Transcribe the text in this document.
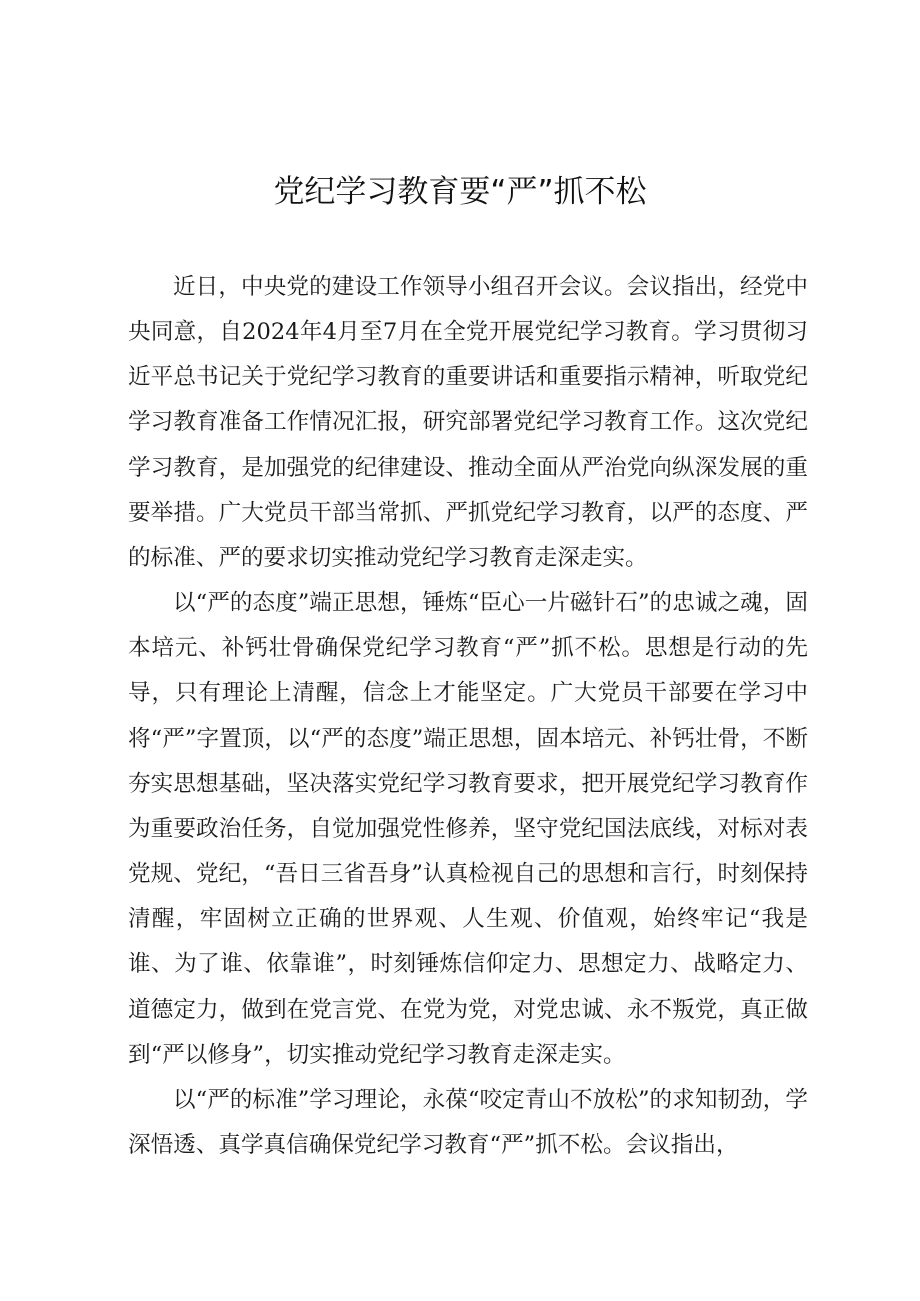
党纪学习教育要“严”抓不松

近日，中央党的建设工作领导小组召开会议。会议指出，经党中央同意，自2024年4月至7月在全党开展党纪学习教育。学习贯彻习近平总书记关于党纪学习教育的重要讲话和重要指示精神，听取党纪学习教育准备工作情况汇报，研究部署党纪学习教育工作。这次党纪学习教育，是加强党的纪律建设、推动全面从严治党向纵深发展的重要举措。广大党员干部当常抓、严抓党纪学习教育，以严的态度、严的标准、严的要求切实推动党纪学习教育走深走实。

以“严的态度”端正思想，锤炼“臣心一片磁针石”的忠诚之魂，固本培元、补钙壮骨确保党纪学习教育“严”抓不松。思想是行动的先导，只有理论上清醒，信念上才能坚定。广大党员干部要在学习中将“严”字置顶，以“严的态度”端正思想，固本培元、补钙壮骨，不断夯实思想基础，坚决落实党纪学习教育要求，把开展党纪学习教育作为重要政治任务，自觉加强党性修养，坚守党纪国法底线，对标对表党规、党纪，“吾日三省吾身”认真检视自己的思想和言行，时刻保持清醒，牢固树立正确的世界观、人生观、价值观，始终牢记“我是谁、为了谁、依靠谁”，时刻锤炼信仰定力、思想定力、战略定力、道德定力，做到在党言党、在党为党，对党忠诚、永不叛党，真正做到“严以修身”，切实推动党纪学习教育走深走实。

以“严的标准”学习理论，永葆“咬定青山不放松”的求知韧劲，学深悟透、真学真信确保党纪学习教育“严”抓不松。会议指出，
